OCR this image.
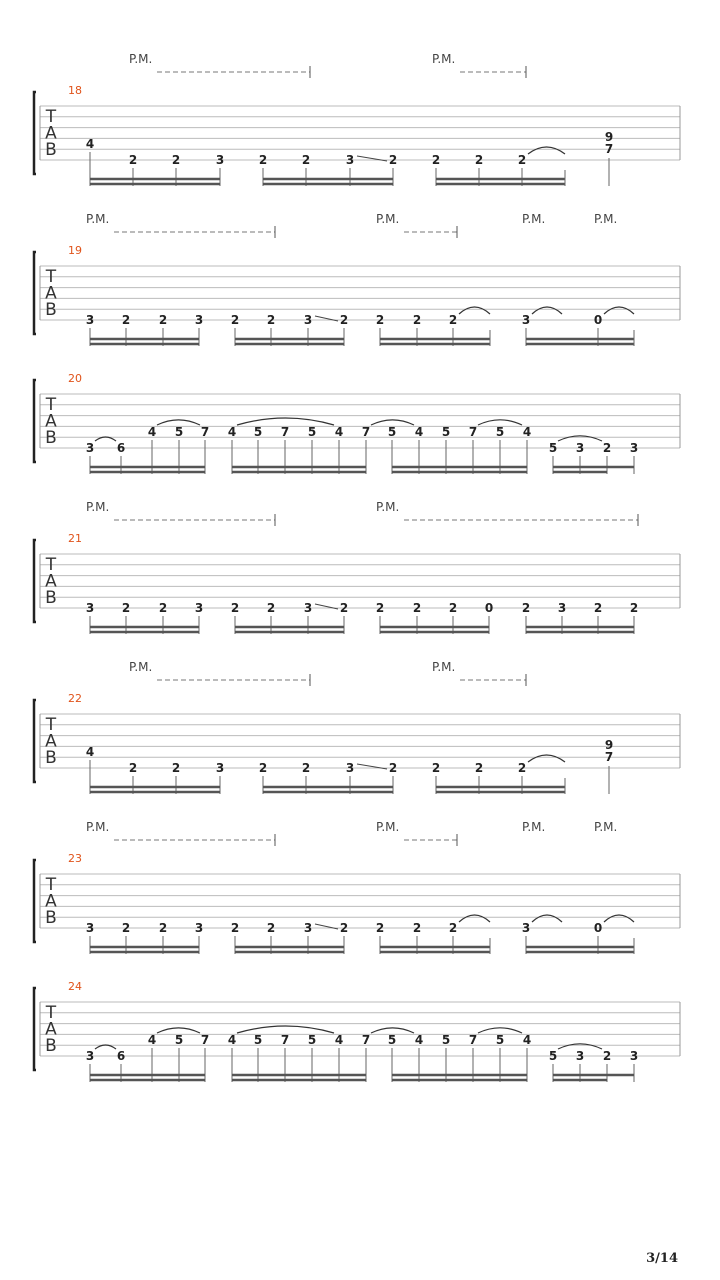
T
A
B
18
P.M.	P.M.
4
2	2	3	2	2	3	2	2	2	2
9
7
T
A
B
19
P.M.	P.M.	P.M.	P.M.
3 2 2 3 2 2 3 2 2 2 2	3	0
T
A
B
20
3 6
4 5 7 4 5 7 5 4 7 5 4 5 7 5 4
5 3 2 3
T
A
B
21
P.M.	P.M.
3 2 2 3 2 2 3 2 2 2 2 0 2 3 2 2
T
A
B
22
P.M.	P.M.
4
2	2	3	2	2	3	2	2	2	2
9
7
T
A
B
23
P.M.	P.M.	P.M.	P.M.
3 2 2 3 2 2 3 2 2 2 2	3	0
T
A
B
24
3 6
4 5 7 4 5 7 5 4 7 5 4 5 7 5 4
5 3 2 3
3/14
